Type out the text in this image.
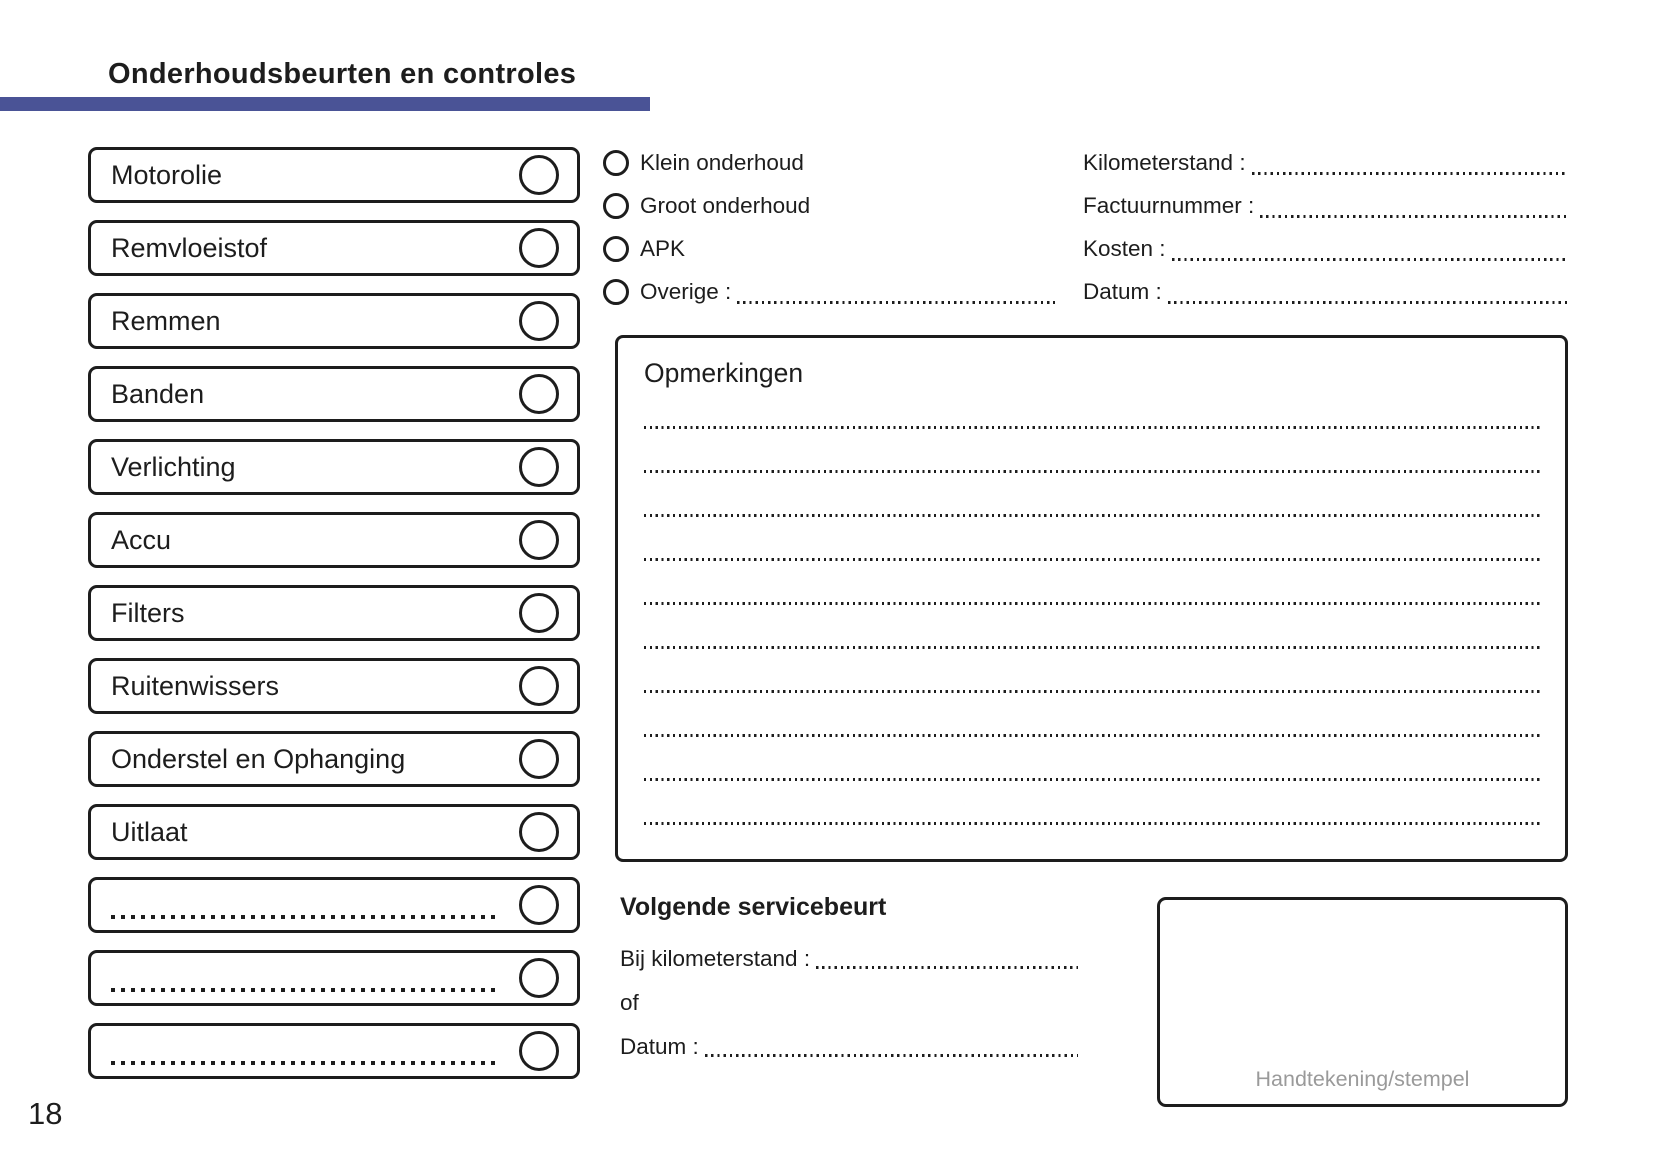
Onderhoudsbeurten en controles
Motorolie
Remvloeistof
Remmen
Banden
Verlichting
Accu
Filters
Ruitenwissers
Onderstel en Ophanging
Uitlaat
Klein onderhoud
Groot onderhoud
APK
Overige :
Kilometerstand :
Factuurnummer :
Kosten :
Datum :
Opmerkingen
Volgende servicebeurt
Bij kilometerstand :
of
Datum :
Handtekening/stempel
18
